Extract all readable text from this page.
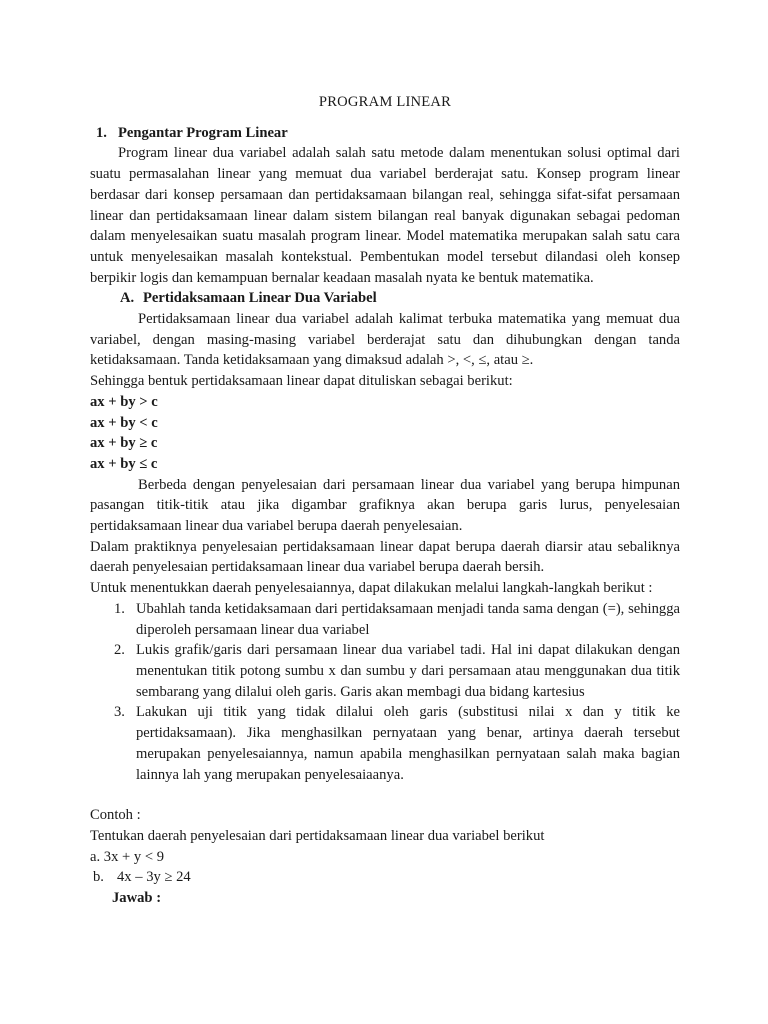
PROGRAM LINEAR

1. Pengantar Program Linear

Program linear dua variabel adalah salah satu metode dalam menentukan solusi optimal dari suatu permasalahan linear yang memuat dua variabel berderajat satu. Konsep program linear berdasar dari konsep persamaan dan pertidaksamaan bilangan real, sehingga sifat-sifat persamaan linear dan pertidaksamaan linear dalam sistem bilangan real banyak digunakan sebagai pedoman dalam menyelesaikan suatu masalah program linear. Model matematika merupakan salah satu cara untuk menyelesaikan masalah kontekstual. Pembentukan model tersebut dilandasi oleh konsep berpikir logis dan kemampuan bernalar keadaan masalah nyata ke bentuk matematika.

A. Pertidaksamaan Linear Dua Variabel

Pertidaksamaan linear dua variabel adalah kalimat terbuka matematika yang memuat dua variabel, dengan masing-masing variabel berderajat satu dan dihubungkan dengan tanda ketidaksamaan. Tanda ketidaksamaan yang dimaksud adalah >, <, ≤, atau ≥.

Sehingga bentuk pertidaksamaan linear dapat dituliskan sebagai berikut:

ax + by > c

ax + by < c

ax + by ≥ c

ax + by ≤ c

Berbeda dengan penyelesaian dari persamaan linear dua variabel yang berupa himpunan pasangan titik-titik atau jika digambar grafiknya akan berupa garis lurus, penyelesaian pertidaksamaan linear dua variabel berupa daerah penyelesaian.

Dalam praktiknya penyelesaian pertidaksamaan linear dapat berupa daerah diarsir atau sebaliknya daerah penyelesaian pertidaksamaan linear dua variabel berupa daerah bersih.

Untuk menentukkan daerah penyelesaiannya, dapat dilakukan melalui langkah-langkah berikut :

1. Ubahlah tanda ketidaksamaan dari pertidaksamaan menjadi tanda sama dengan (=), sehingga diperoleh persamaan linear dua variabel
2. Lukis grafik/garis dari persamaan linear dua variabel tadi. Hal ini dapat dilakukan dengan menentukan titik potong sumbu x dan sumbu y dari persamaan atau menggunakan dua titik sembarang yang dilalui oleh garis. Garis akan membagi dua bidang kartesius
3. Lakukan uji titik yang tidak dilalui oleh garis (substitusi nilai x dan y titik ke pertidaksamaan). Jika menghasilkan pernyataan yang benar, artinya daerah tersebut merupakan penyelesaiannya, namun apabila menghasilkan pernyataan salah maka bagian lainnya lah yang merupakan penyelesaiaanya.

Contoh :

Tentukan daerah penyelesaian dari pertidaksamaan linear dua variabel berikut

a. 3x + y < 9

b. 4x – 3y ≥ 24

Jawab :
